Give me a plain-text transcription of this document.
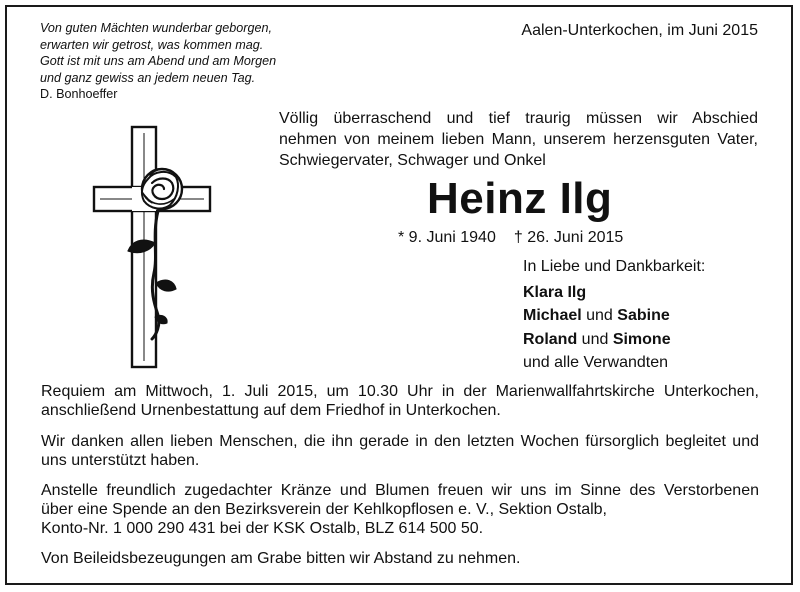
Von guten Mächten wunderbar geborgen,
erwarten wir getrost, was kommen mag.
Gott ist mit uns am Abend und am Morgen
und ganz gewiss an jedem neuen Tag.
D. Bonhoeffer
Aalen-Unterkochen, im Juni 2015
Völlig überraschend und tief traurig müssen wir Abschied
nehmen von meinem lieben Mann, unserem herzensguten Vater,
Schwiegervater, Schwager und Onkel
Heinz Ilg
* 9. Juni 1940 † 26. Juni 2015
In Liebe und Dankbarkeit:
Klara Ilg
Michael und Sabine
Roland und Simone
und alle Verwandten
Requiem am Mittwoch, 1. Juli 2015, um 10.30 Uhr in der Marienwallfahrtskirche Unterkochen,
anschließend Urnenbestattung auf dem Friedhof in Unterkochen.
Wir danken allen lieben Menschen, die ihn gerade in den letzten Wochen fürsorglich begleitet und
uns unterstützt haben.
Anstelle freundlich zugedachter Kränze und Blumen freuen wir uns im Sinne des Verstorbenen
über eine Spende an den Bezirksverein der Kehlkopflosen e. V., Sektion Ostalb,
Konto-Nr. 1 000 290 431 bei der KSK Ostalb, BLZ 614 500 50.
Von Beileidsbezeugungen am Grabe bitten wir Abstand zu nehmen.
